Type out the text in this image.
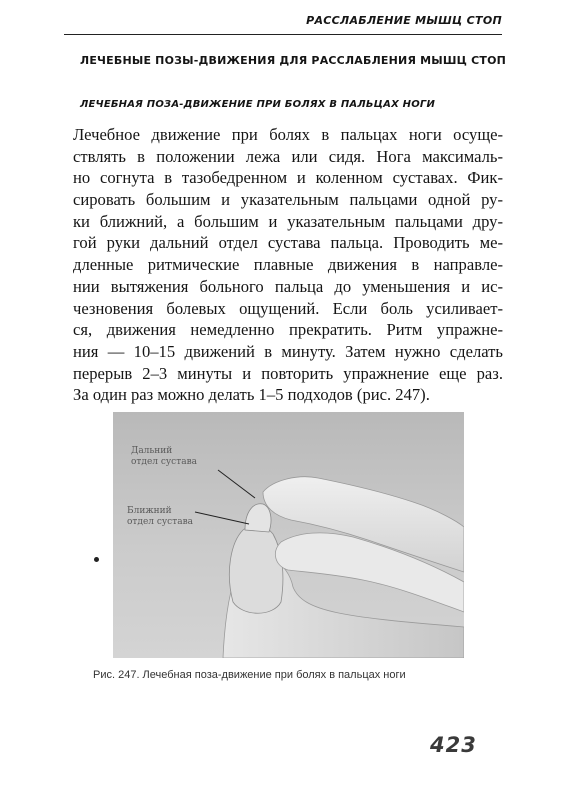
РАССЛАБЛЕНИЕ МЫШЦ СТОП
ЛЕЧЕБНЫЕ ПОЗЫ-ДВИЖЕНИЯ ДЛЯ РАССЛАБЛЕНИЯ МЫШЦ СТОП
ЛЕЧЕБНАЯ ПОЗА-ДВИЖЕНИЕ ПРИ БОЛЯХ В ПАЛЬЦАХ НОГИ
Лечебное движение при болях в пальцах ноги осуще-
ствлять в положении лежа или сидя. Нога максималь-
но согнута в тазобедренном и коленном суставах. Фик-
сировать большим и указательным пальцами одной ру-
ки ближний, а большим и указательным пальцами дру-
гой руки дальний отдел сустава пальца. Проводить ме-
дленные ритмические плавные движения в направле-
нии вытяжения больного пальца до уменьшения и ис-
чезновения болевых ощущений. Если боль усиливает-
ся, движения немедленно прекратить. Ритм упражне-
ния — 10–15 движений в минуту. Затем нужно сделать
перерыв 2–3 минуты и повторить упражнение еще раз.
За один раз можно делать 1–5 подходов (рис. 247).
Дальний
отдел сустава
Ближний
отдел сустава
Рис. 247. Лечебная поза-движение при болях в пальцах ноги
423
